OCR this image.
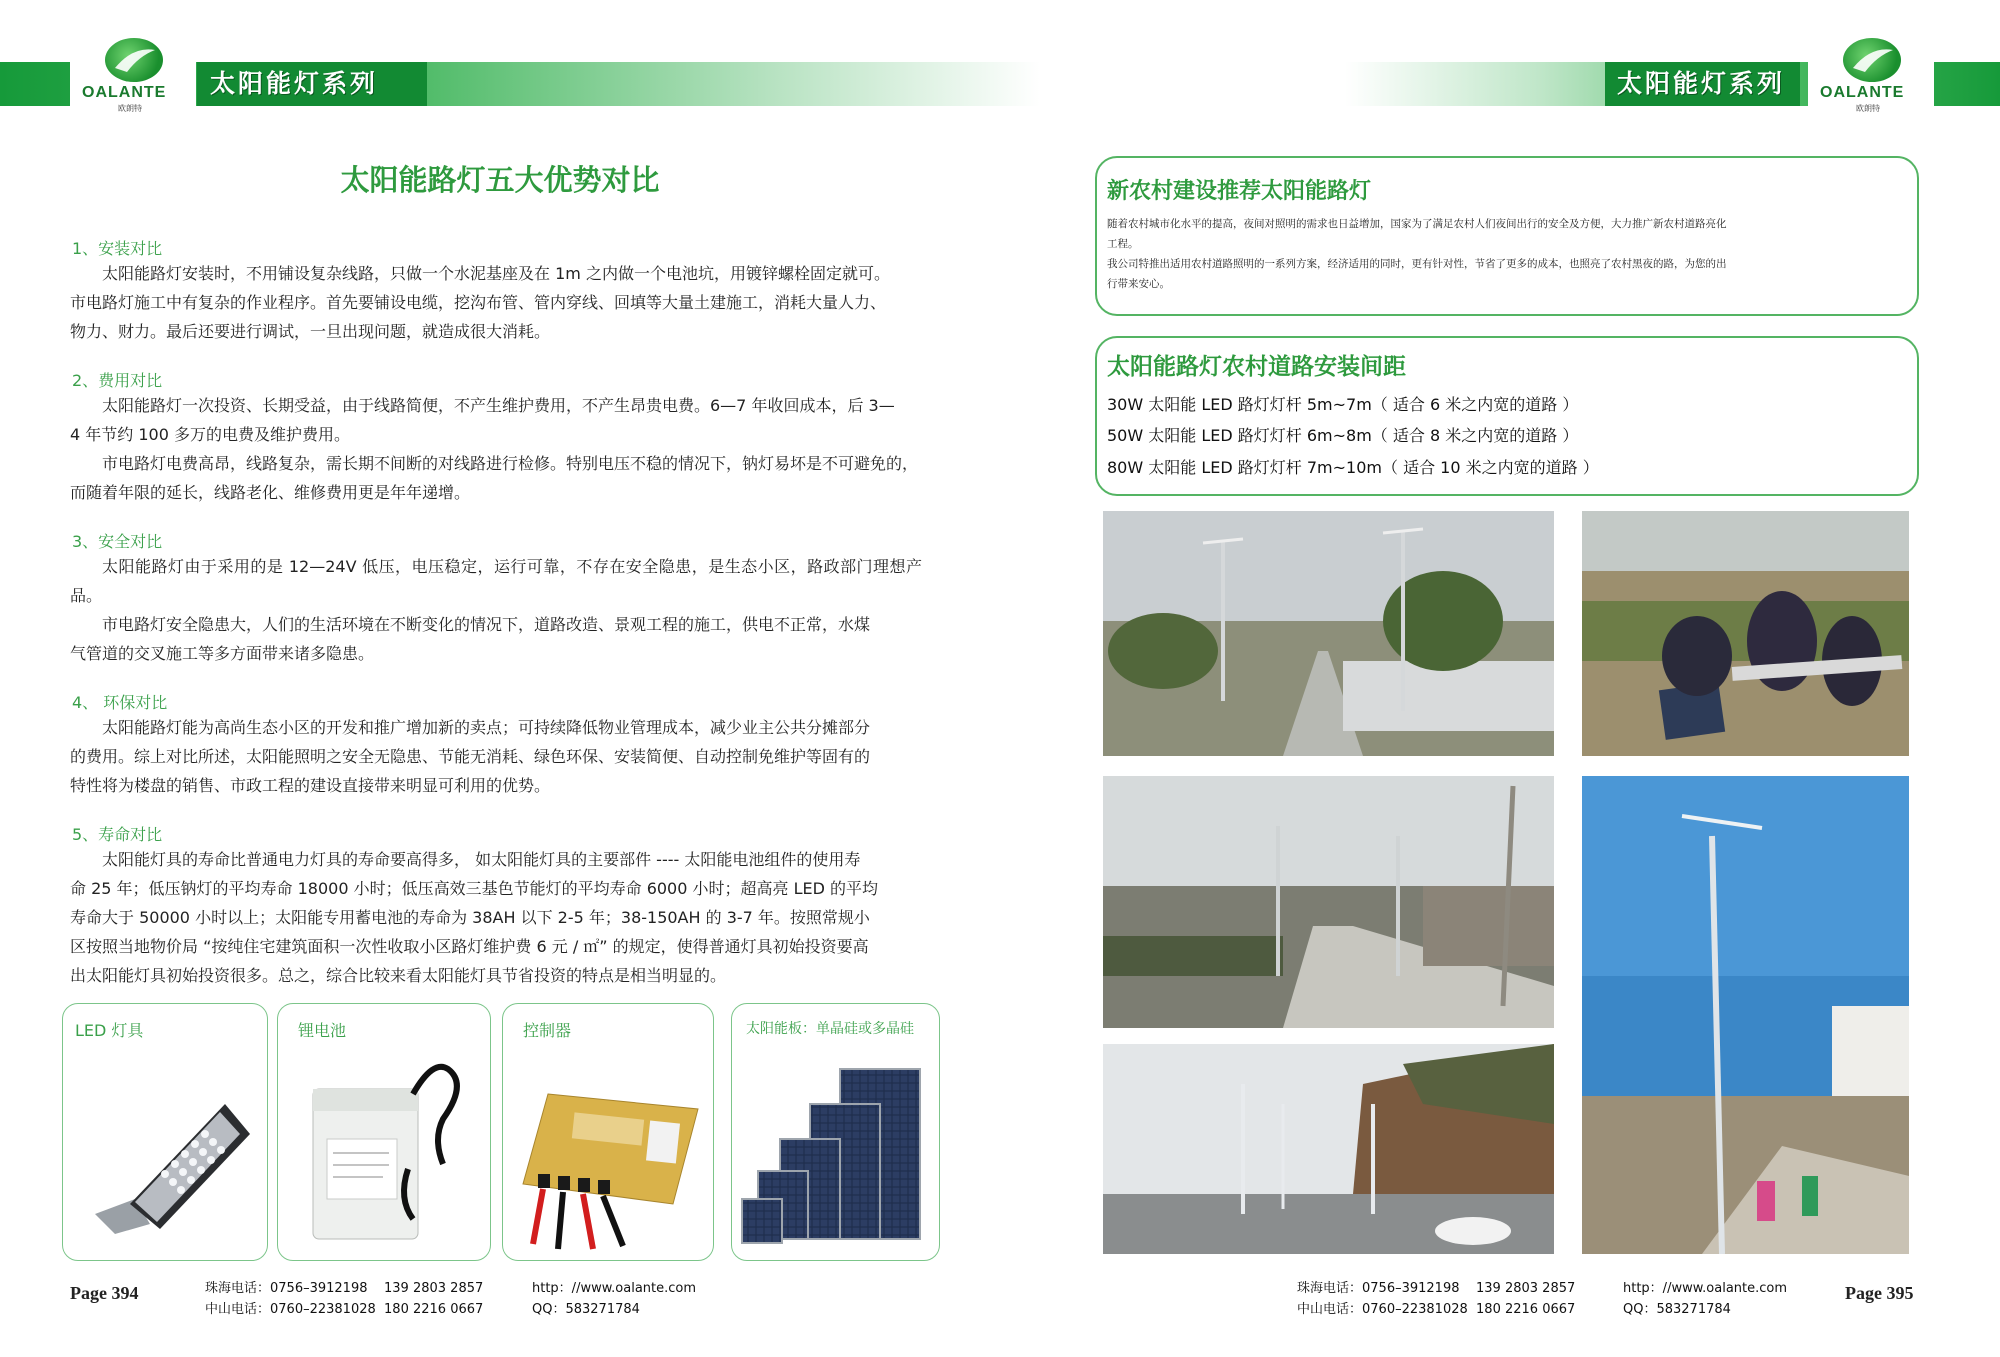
太阳能灯系列
OALANTE
欧朗特
太阳能灯系列 OALANTE
欧朗特
太阳能路灯五大优势对比
1、安装对比
太阳能路灯安装时，不用铺设复杂线路，只做一个水泥基座及在 1m 之内做一个电池坑，用镀锌螺栓固定就可。
市电路灯施工中有复杂的作业程序。首先要铺设电缆，挖沟布管、管内穿线、回填等大量土建施工，消耗大量人力、
物力、财力。最后还要进行调试，一旦出现问题，就造成很大消耗。
2、费用对比
太阳能路灯一次投资、长期受益，由于线路简便，不产生维护费用，不产生昂贵电费。6—7 年收回成本，后 3—
4 年节约 100 多万的电费及维护费用。
市电路灯电费高昂，线路复杂，需长期不间断的对线路进行检修。特别电压不稳的情况下，钠灯易坏是不可避免的，
而随着年限的延长，线路老化、维修费用更是年年递增。
3、安全对比
太阳能路灯由于采用的是 12—24V 低压，电压稳定，运行可靠，不存在安全隐患，是生态小区，路政部门理想产品。
市电路灯安全隐患大，人们的生活环境在不断变化的情况下，道路改造、景观工程的施工，供电不正常，水煤
气管道的交叉施工等多方面带来诸多隐患。
4、 环保对比
太阳能路灯能为高尚生态小区的开发和推广增加新的卖点；可持续降低物业管理成本，减少业主公共分摊部分
的费用。综上对比所述，太阳能照明之安全无隐患、节能无消耗、绿色环保、安装简便、自动控制免维护等固有的
特性将为楼盘的销售、市政工程的建设直接带来明显可利用的优势。
5、寿命对比
太阳能灯具的寿命比普通电力灯具的寿命要高得多， 如太阳能灯具的主要部件 ---- 太阳能电池组件的使用寿
命 25 年；低压钠灯的平均寿命 18000 小时；低压高效三基色节能灯的平均寿命 6000 小时；超高亮 LED 的平均
寿命大于 50000 小时以上；太阳能专用蓄电池的寿命为 38AH 以下 2-5 年；38-150AH 的 3-7 年。按照常规小
区按照当地物价局 “按纯住宅建筑面积一次性收取小区路灯维护费 6 元 / ㎡” 的规定，使得普通灯具初始投资要高
出太阳能灯具初始投资很多。总之，综合比较来看太阳能灯具节省投资的特点是相当明显的。
LED 灯具	锂电池	控制器	太阳能板：单晶硅或多晶硅
Page 394	珠海电话：0756–3912198 139 2803 2857
中山电话：0760–22381028 180 2216 0667
http：//www.oalante.com
QQ：583271784
新农村建设推荐太阳能路灯
随着农村城市化水平的提高，夜间对照明的需求也日益增加，国家为了满足农村人们夜间出行的安全及方便，大力推广新农村道路亮化
工程。
我公司特推出适用农村道路照明的一系列方案，经济适用的同时，更有针对性，节省了更多的成本，也照亮了农村黑夜的路，为您的出
行带来安心。
太阳能路灯农村道路安装间距
30W 太阳能 LED 路灯灯杆 5m~7m（ 适合 6 米之内宽的道路 ）
50W 太阳能 LED 路灯灯杆 6m~8m（ 适合 8 米之内宽的道路 ）
80W 太阳能 LED 路灯灯杆 7m~10m（ 适合 10 米之内宽的道路 ）
珠海电话：0756–3912198 139 2803 2857
中山电话：0760–22381028 180 2216 0667
http：//www.oalante.com
QQ：583271784
Page 395
